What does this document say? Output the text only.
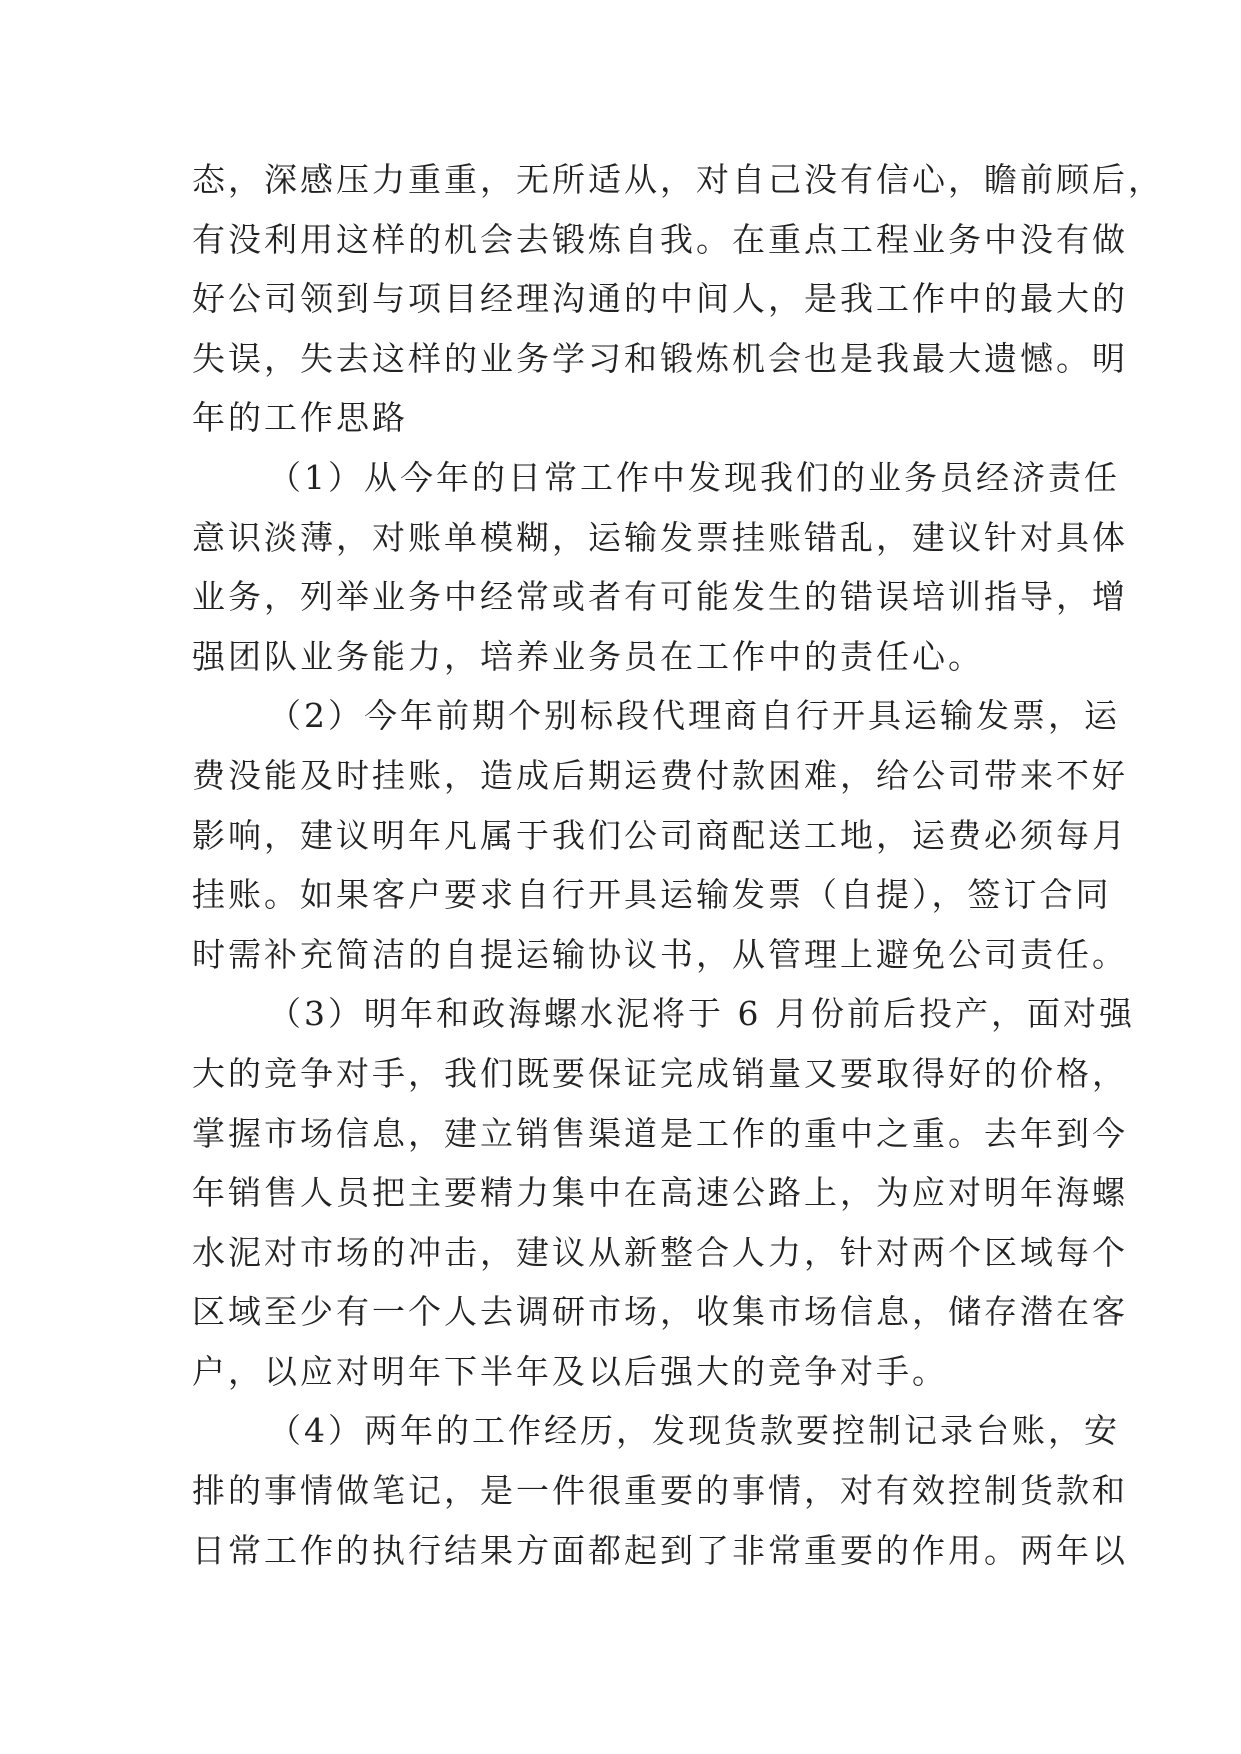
态，深感压力重重，无所适从，对自己没有信心，瞻前顾后，
有没利用这样的机会去锻炼自我。在重点工程业务中没有做
好公司领到与项目经理沟通的中间人，是我工作中的最大的
失误，失去这样的业务学习和锻炼机会也是我最大遗憾。明
年的工作思路
（1）从今年的日常工作中发现我们的业务员经济责任
意识淡薄，对账单模糊，运输发票挂账错乱，建议针对具体
业务，列举业务中经常或者有可能发生的错误培训指导，增
强团队业务能力，培养业务员在工作中的责任心。
（2）今年前期个别标段代理商自行开具运输发票，运
费没能及时挂账，造成后期运费付款困难，给公司带来不好
影响，建议明年凡属于我们公司商配送工地，运费必须每月
挂账。如果客户要求自行开具运输发票（自提），签订合同
时需补充简洁的自提运输协议书，从管理上避免公司责任。
（3）明年和政海螺水泥将于 6 月份前后投产，面对强
大的竞争对手，我们既要保证完成销量又要取得好的价格，
掌握市场信息，建立销售渠道是工作的重中之重。去年到今
年销售人员把主要精力集中在高速公路上，为应对明年海螺
水泥对市场的冲击，建议从新整合人力，针对两个区域每个
区域至少有一个人去调研市场，收集市场信息，储存潜在客
户，以应对明年下半年及以后强大的竞争对手。
（4）两年的工作经历，发现货款要控制记录台账，安
排的事情做笔记，是一件很重要的事情，对有效控制货款和
日常工作的执行结果方面都起到了非常重要的作用。两年以
